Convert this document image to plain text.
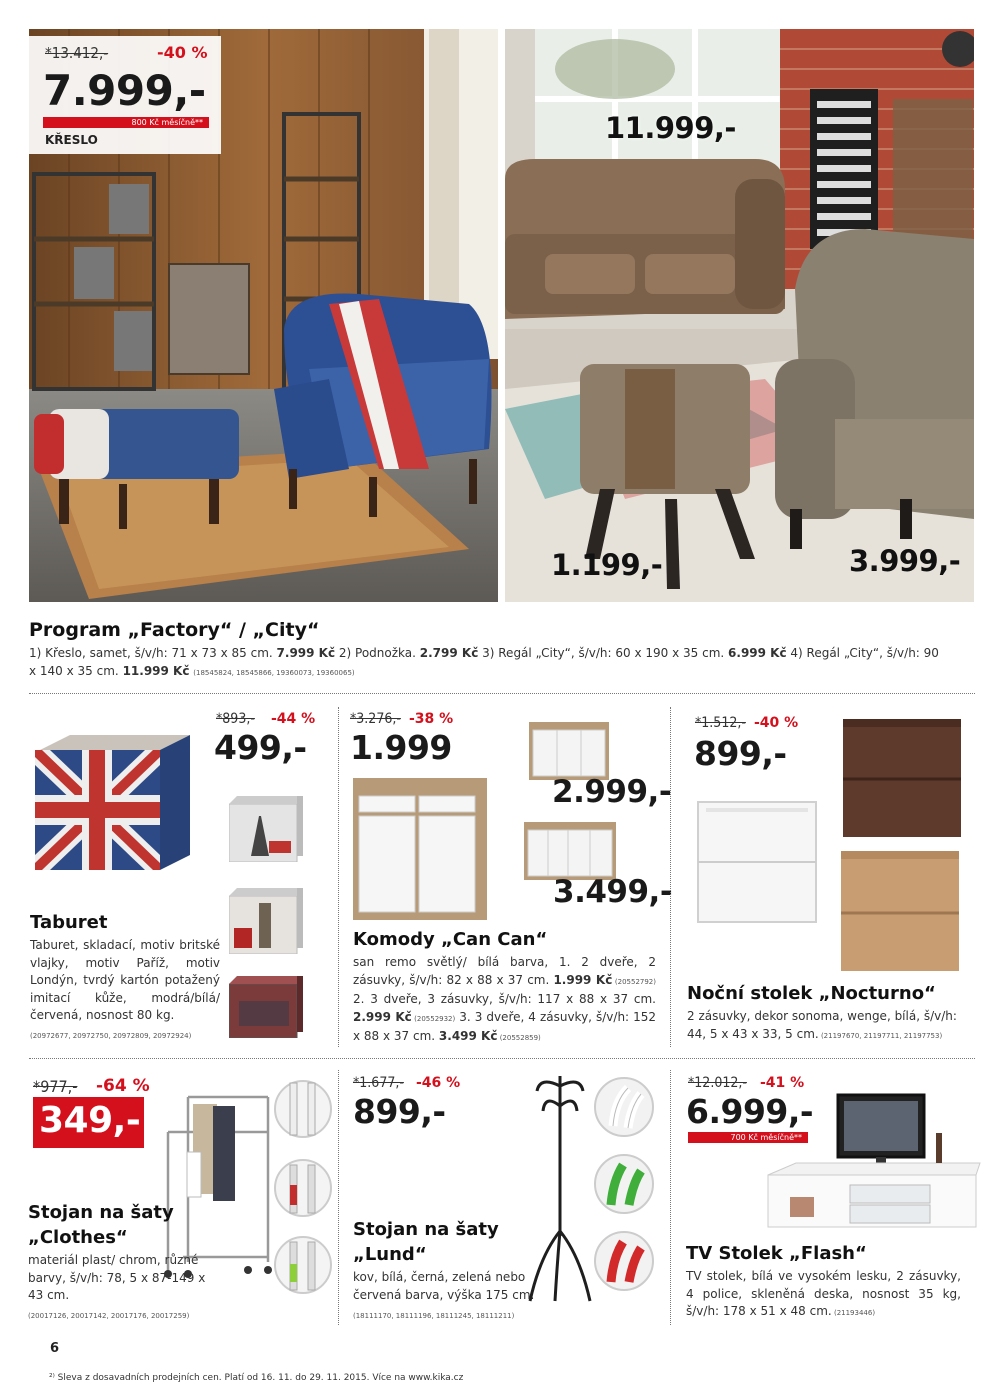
*13.412,-	-40 %
7.999,-
800 Kč měsíčně**
KŘESLO	11.999,-
1.199,-	3.999,-
Program „Factory“ / „City“
1) Křeslo, samet, š/v/h: 71 x 73 x 85 cm. 7.999 Kč 2) Podnožka. 2.799 Kč 3) Regál „City“, š/v/h: 60 x 190 x 35 cm. 6.999 Kč 4) Regál „City“, š/v/h: 90 x 140 x 35 cm. 11.999 Kč (18545824, 18545866, 19360073, 19360065)
*893,- -44 %
499,-
Taburet
Taburet, skladací, motiv britské vlajky, motiv Paříž, motiv Londýn, tvrdý kartón potažený imitací kůže, modrá/bílá/ červená, nosnost 80 kg.
(20972677, 20972750, 20972809, 20972924)
*3.276,- -38 %
1.999
2.999,-
3.499,-
Komody „Can Can“
san remo světlý/ bílá barva, 1. 2 dveře, 2 zásuvky, š/v/h: 82 x 88 x 37 cm. 1.999 Kč (20552792) 2. 3 dveře, 3 zásuvky, š/v/h: 117 x 88 x 37 cm. 2.999 Kč (20552932) 3. 3 dveře, 4 zásuvky, š/v/h: 152 x 88 x 37 cm. 3.499 Kč (20552859)
*1.512,- -40 %
899,-
Noční stolek „Nocturno“
2 zásuvky, dekor sonoma, wenge, bílá, š/v/h: 44, 5 x 43 x 33, 5 cm. (21197670, 21197711, 21197753)
*977,- -64 %
349,-
Stojan na šaty
„Clothes“
materiál plast/ chrom, různé barvy, š/v/h: 78, 5 x 87-149 x 43 cm.
(20017126, 20017142, 20017176, 20017259)
*1.677,- -46 %
899,-
Stojan na šaty
„Lund“
kov, bílá, černá, zelená nebo červená barva, výška 175 cm.
(18111170, 18111196, 18111245, 18111211)
*12.012,- -41 %
6.999,-
700 Kč měsíčně**
TV Stolek „Flash“
TV stolek, bílá ve vysokém lesku, 2 zásuvky, 4 police, skleněná deska, nosnost 35 kg, š/v/h: 178 x 51 x 48 cm. (21193446)
6
²⁾ Sleva z dosavadních prodejních cen. Platí od 16. 11. do 29. 11. 2015. Více na www.kika.cz
